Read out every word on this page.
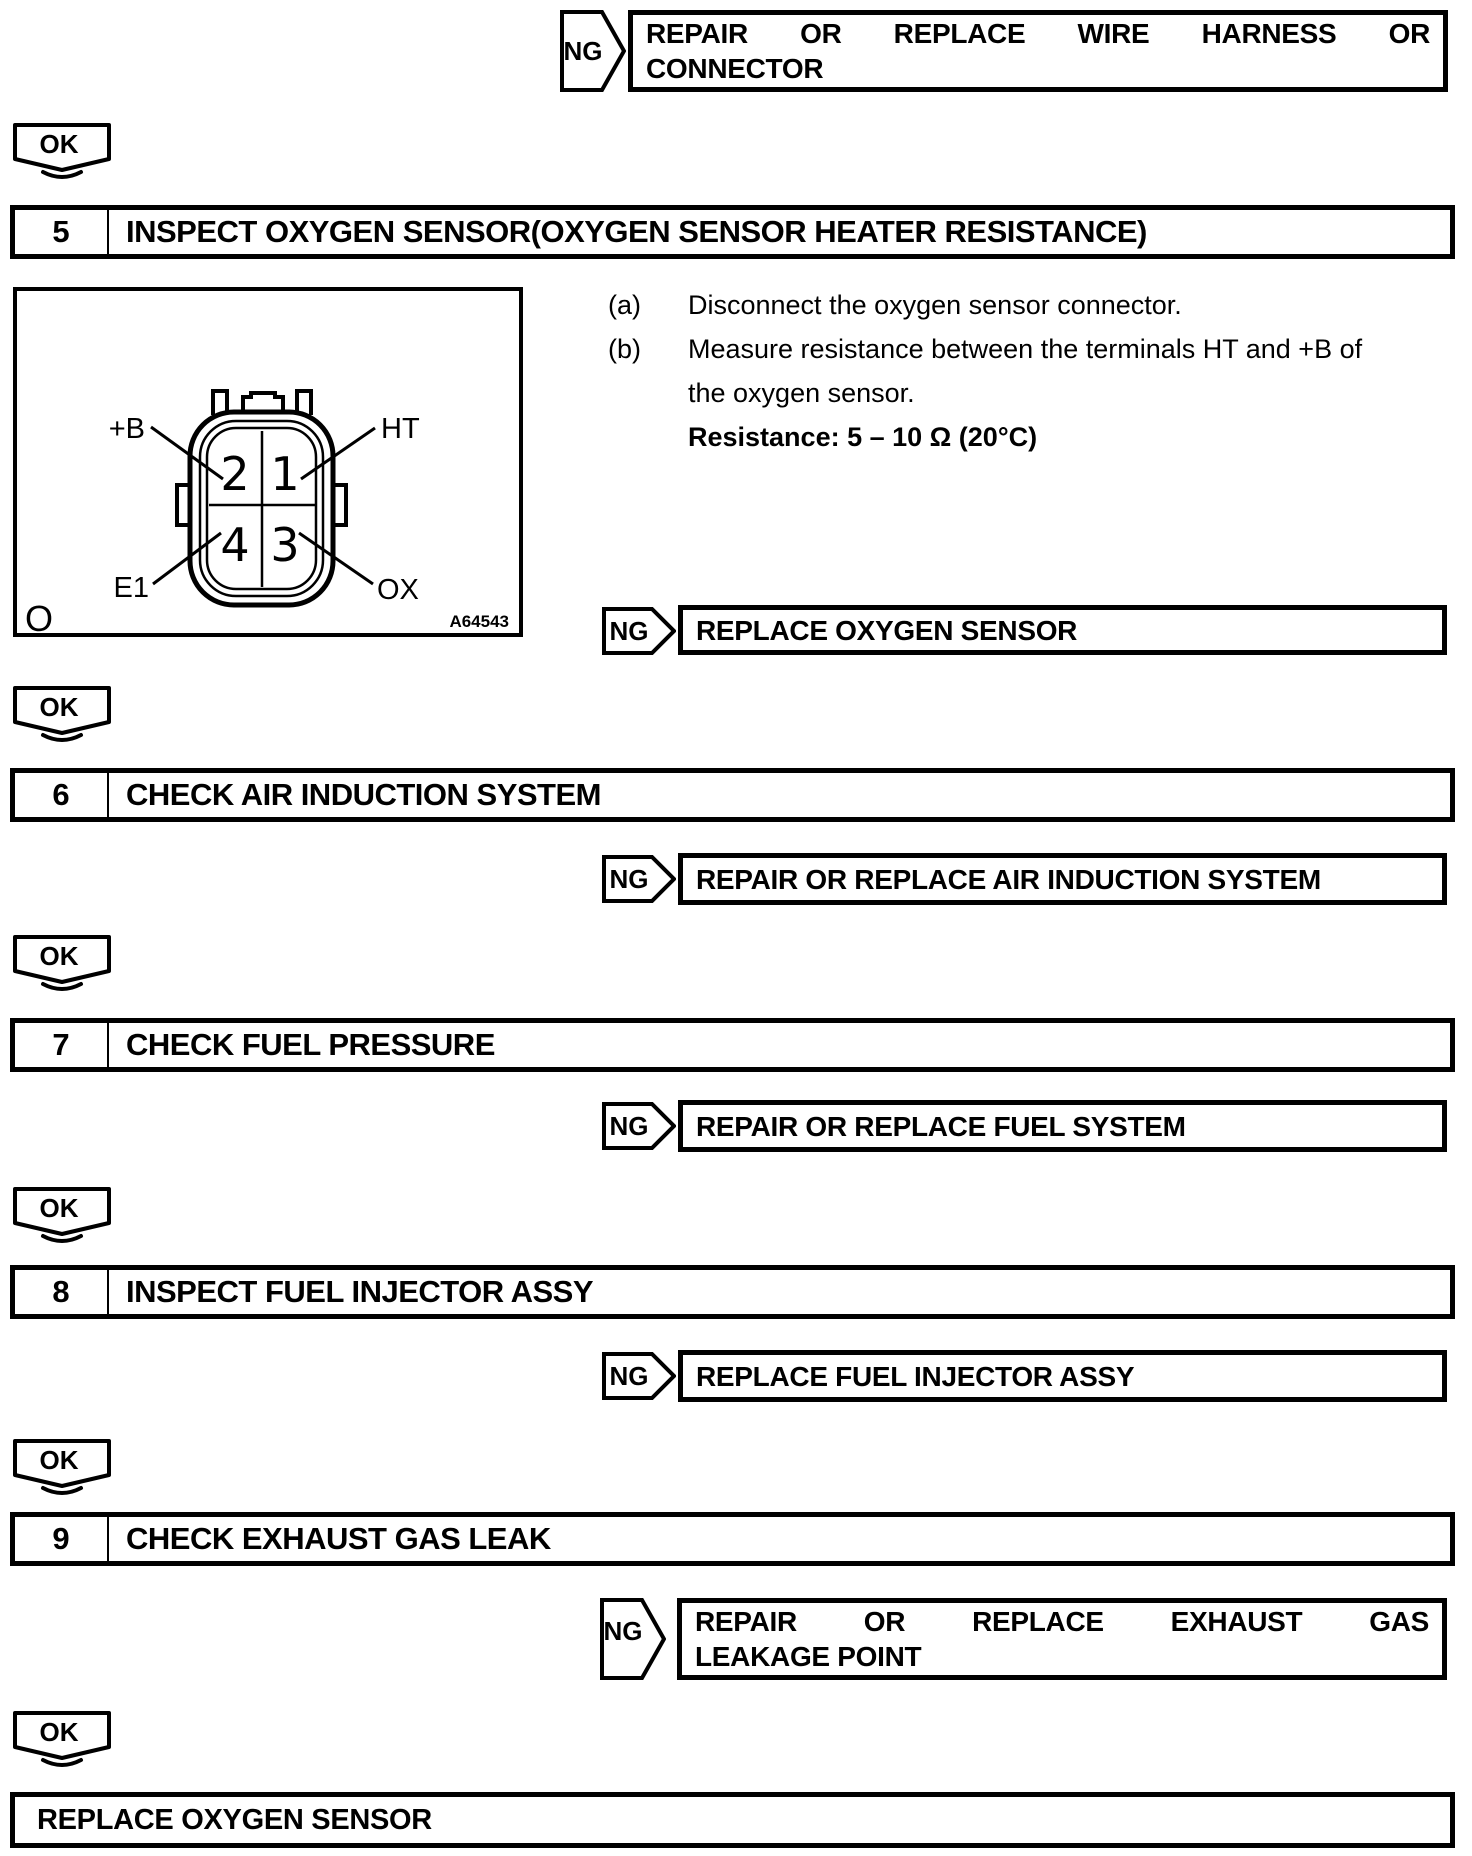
NG
REPAIR OR REPLACE WIRE HARNESS OR
CONNECTOR
OK
5	INSPECT OXYGEN SENSOR(OXYGEN SENSOR HEATER RESISTANCE)
2 1
4 3
+B	HT
E1	OX
O	A64543
(a)	Disconnect the oxygen sensor connector.
(b)	Measure resistance between the terminals HT and +B of
the oxygen sensor.
Resistance: 5 – 10 Ω (20°C)
NG REPLACE OXYGEN SENSOR
OK
6	CHECK AIR INDUCTION SYSTEM
NG REPAIR OR REPLACE AIR INDUCTION SYSTEM
OK
7	CHECK FUEL PRESSURE
NG REPAIR OR REPLACE FUEL SYSTEM
OK
8	INSPECT FUEL INJECTOR ASSY
NG REPLACE FUEL INJECTOR ASSY
OK
9	CHECK EXHAUST GAS LEAK
NG REPAIR OR REPLACE EXHAUST GAS
LEAKAGE POINT
OK
REPLACE OXYGEN SENSOR
